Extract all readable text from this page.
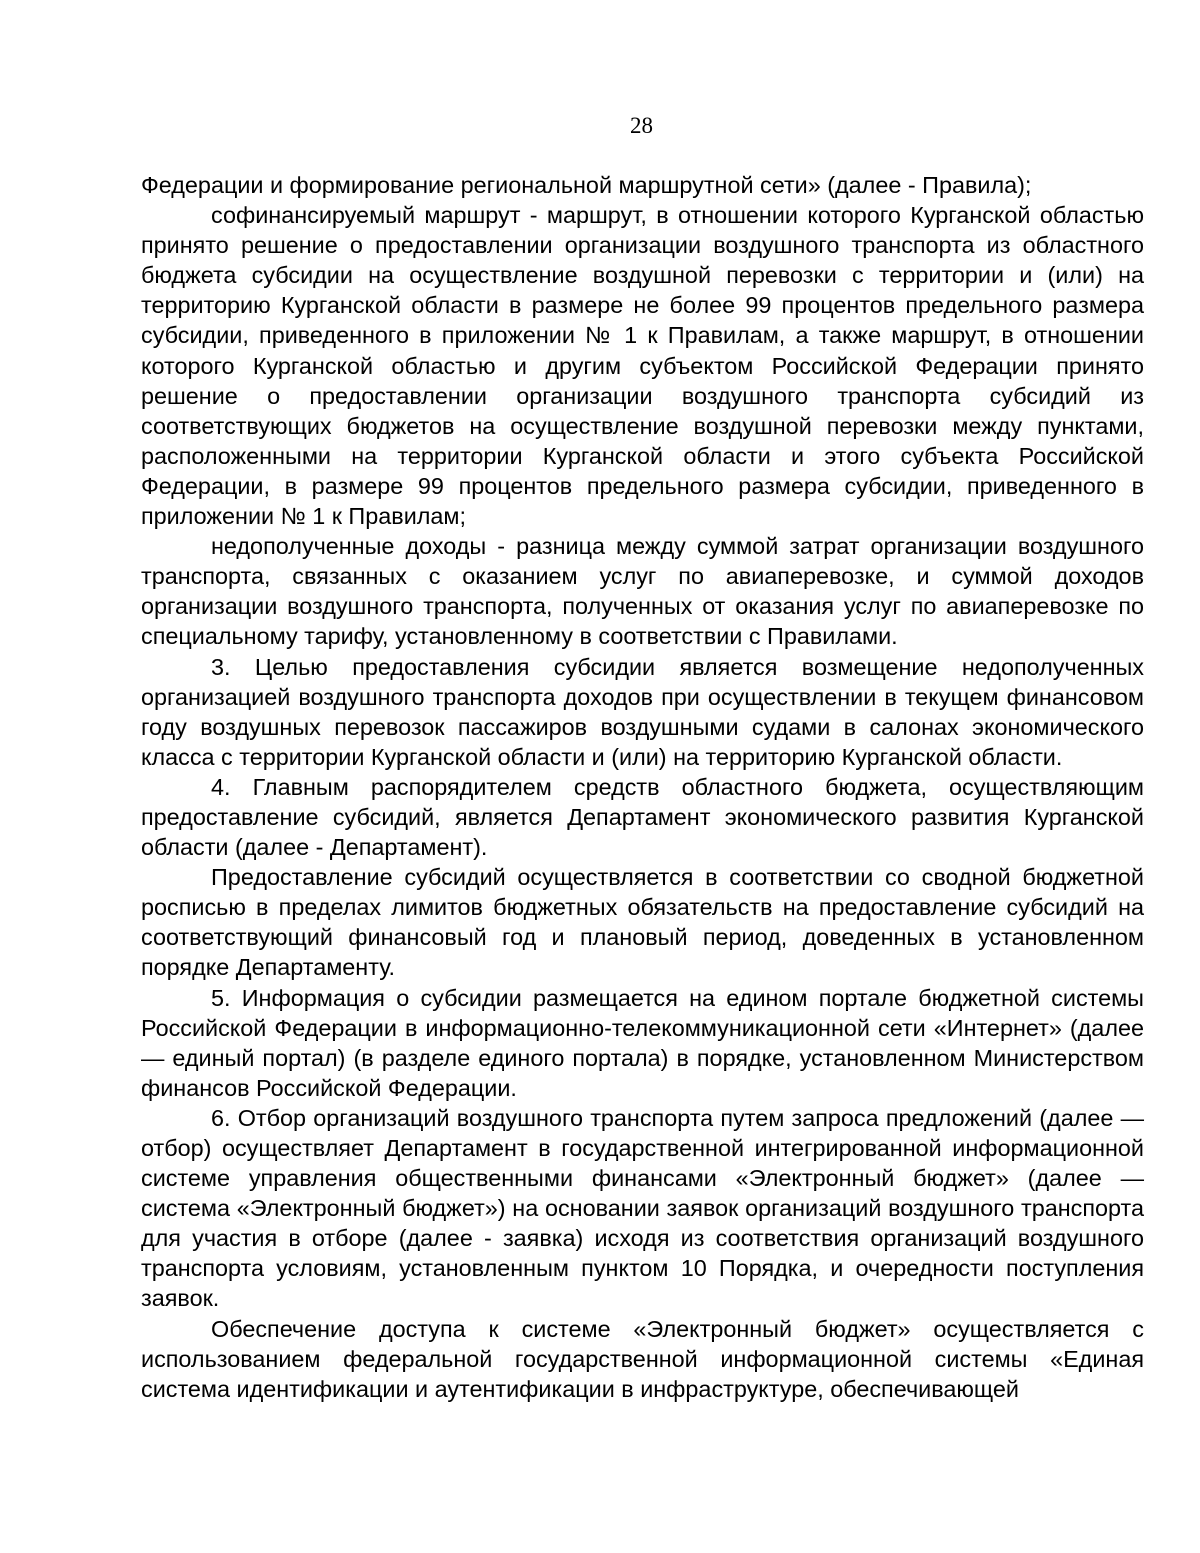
28

Федерации и формирование региональной маршрутной сети» (далее - Правила);

софинансируемый маршрут - маршрут, в отношении которого Курганской областью принято решение о предоставлении организации воздушного транспорта из областного бюджета субсидии на осуществление воздушной перевозки с территории и (или) на территорию Курганской области в размере не более 99 процентов предельного размера субсидии, приведенного в приложении № 1 к Правилам, а также маршрут, в отношении которого Курганской областью и другим субъектом Российской Федерации принято решение о предоставлении организации воздушного транспорта субсидий из соответствующих бюджетов на осуществление воздушной перевозки между пунктами, расположенными на территории Курганской области и этого субъекта Российской Федерации, в размере 99 процентов предельного размера субсидии, приведенного в приложении № 1 к Правилам;

недополученные доходы - разница между суммой затрат организации воздушного транспорта, связанных с оказанием услуг по авиаперевозке, и суммой доходов организации воздушного транспорта, полученных от оказания услуг по авиаперевозке по специальному тарифу, установленному в соответствии с Правилами.

3. Целью предоставления субсидии является возмещение недополученных организацией воздушного транспорта доходов при осуществлении в текущем финансовом году воздушных перевозок пассажиров воздушными судами в салонах экономического класса с территории Курганской области и (или) на территорию Курганской области.

4. Главным распорядителем средств областного бюджета, осуществляющим предоставление субсидий, является Департамент экономического развития Курганской области (далее - Департамент).

Предоставление субсидий осуществляется в соответствии со сводной бюджетной росписью в пределах лимитов бюджетных обязательств на предоставление субсидий на соответствующий финансовый год и плановый период, доведенных в установленном порядке Департаменту.

5. Информация о субсидии размещается на едином портале бюджетной системы Российской Федерации в информационно-телекоммуникационной сети «Интернет» (далее — единый портал) (в разделе единого портала) в порядке, установленном Министерством финансов Российской Федерации.

6. Отбор организаций воздушного транспорта путем запроса предложений (далее — отбор) осуществляет Департамент в государственной интегрированной информационной системе управления общественными финансами «Электронный бюджет» (далее — система «Электронный бюджет») на основании заявок организаций воздушного транспорта для участия в отборе (далее - заявка) исходя из соответствия организаций воздушного транспорта условиям, установленным пунктом 10 Порядка, и очередности поступления заявок.

Обеспечение доступа к системе «Электронный бюджет» осуществляется с использованием федеральной государственной информационной системы «Единая система идентификации и аутентификации в инфраструктуре, обеспечивающей
